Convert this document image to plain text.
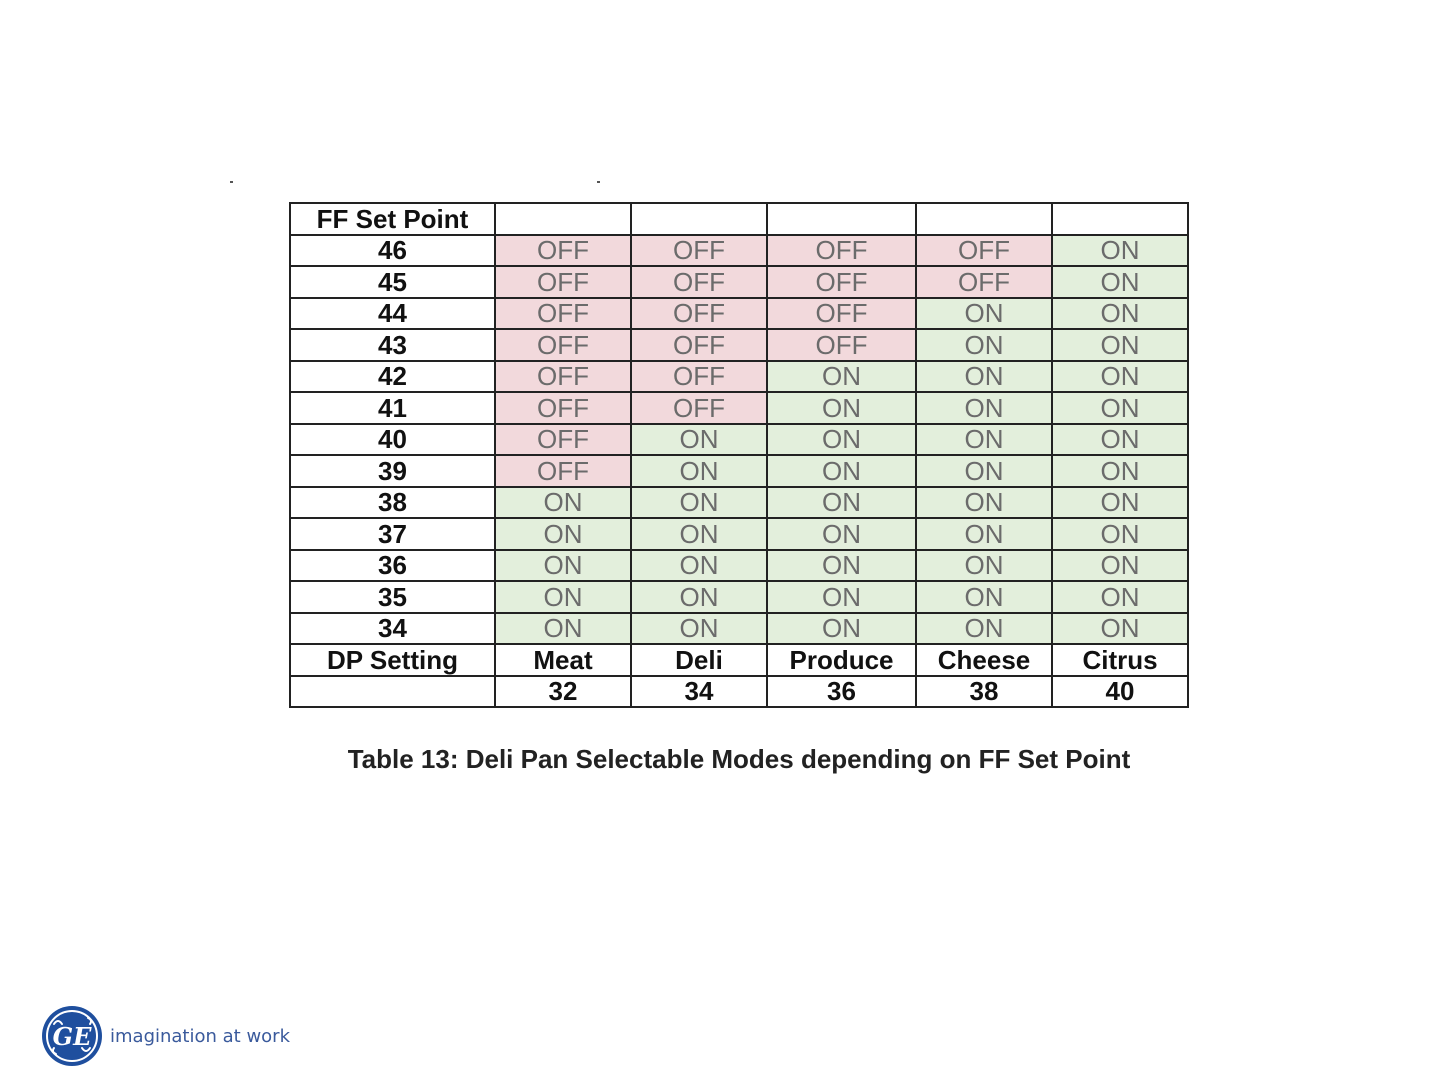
FF Set Point					
46	OFF	OFF	OFF	OFF	ON
45	OFF	OFF	OFF	OFF	ON
44	OFF	OFF	OFF	ON	ON
43	OFF	OFF	OFF	ON	ON
42	OFF	OFF	ON	ON	ON
41	OFF	OFF	ON	ON	ON
40	OFF	ON	ON	ON	ON
39	OFF	ON	ON	ON	ON
38	ON	ON	ON	ON	ON
37	ON	ON	ON	ON	ON
36	ON	ON	ON	ON	ON
35	ON	ON	ON	ON	ON
34	ON	ON	ON	ON	ON
DP Setting	Meat	Deli	Produce	Cheese	Citrus
	32	34	36	38	40
Table 13: Deli Pan Selectable Modes depending on FF Set Point
GE imagination at work
